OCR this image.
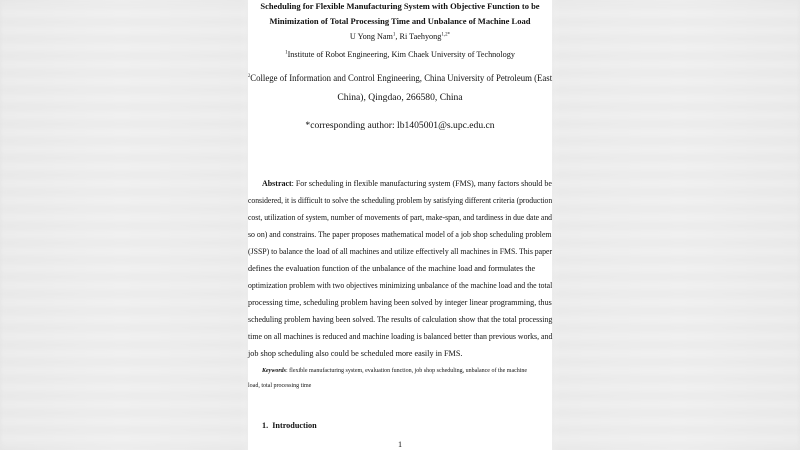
Scheduling for Flexible Manufacturing System with Objective Function to be
Minimization of Total Processing Time and Unbalance of Machine Load
U Yong Nam$^1$, Ri Taehyong$^{1,2*}$
$^1$Institute of Robot Engineering, Kim Chaek University of Technology
$^2$College of Information and Control Engineering, China University of Petroleum (East
China), Qingdao, 266580, China
*corresponding author: lb1405001@s.upc.edu.cn
Abstract: For scheduling in flexible manufacturing system (FMS), many factors should be
considered, it is difficult to solve the scheduling problem by satisfying different criteria (production
cost, utilization of system, number of movements of part, make-span, and tardiness in due date and
so on) and constrains. The paper proposes mathematical model of a job shop scheduling problem
(JSSP) to balance the load of all machines and utilize effectively all machines in FMS. This paper
defines the evaluation function of the unbalance of the machine load and formulates the
optimization problem with two objectives minimizing unbalance of the machine load and the total
processing time, scheduling problem having been solved by integer linear programming, thus
scheduling problem having been solved. The results of calculation show that the total processing
time on all machines is reduced and machine loading is balanced better than previous works, and
job shop scheduling also could be scheduled more easily in FMS.
Keywords: flexible manufacturing system, evaluation function, job shop scheduling, unbalance of the machine
load, total processing time
1.  Introduction
1
